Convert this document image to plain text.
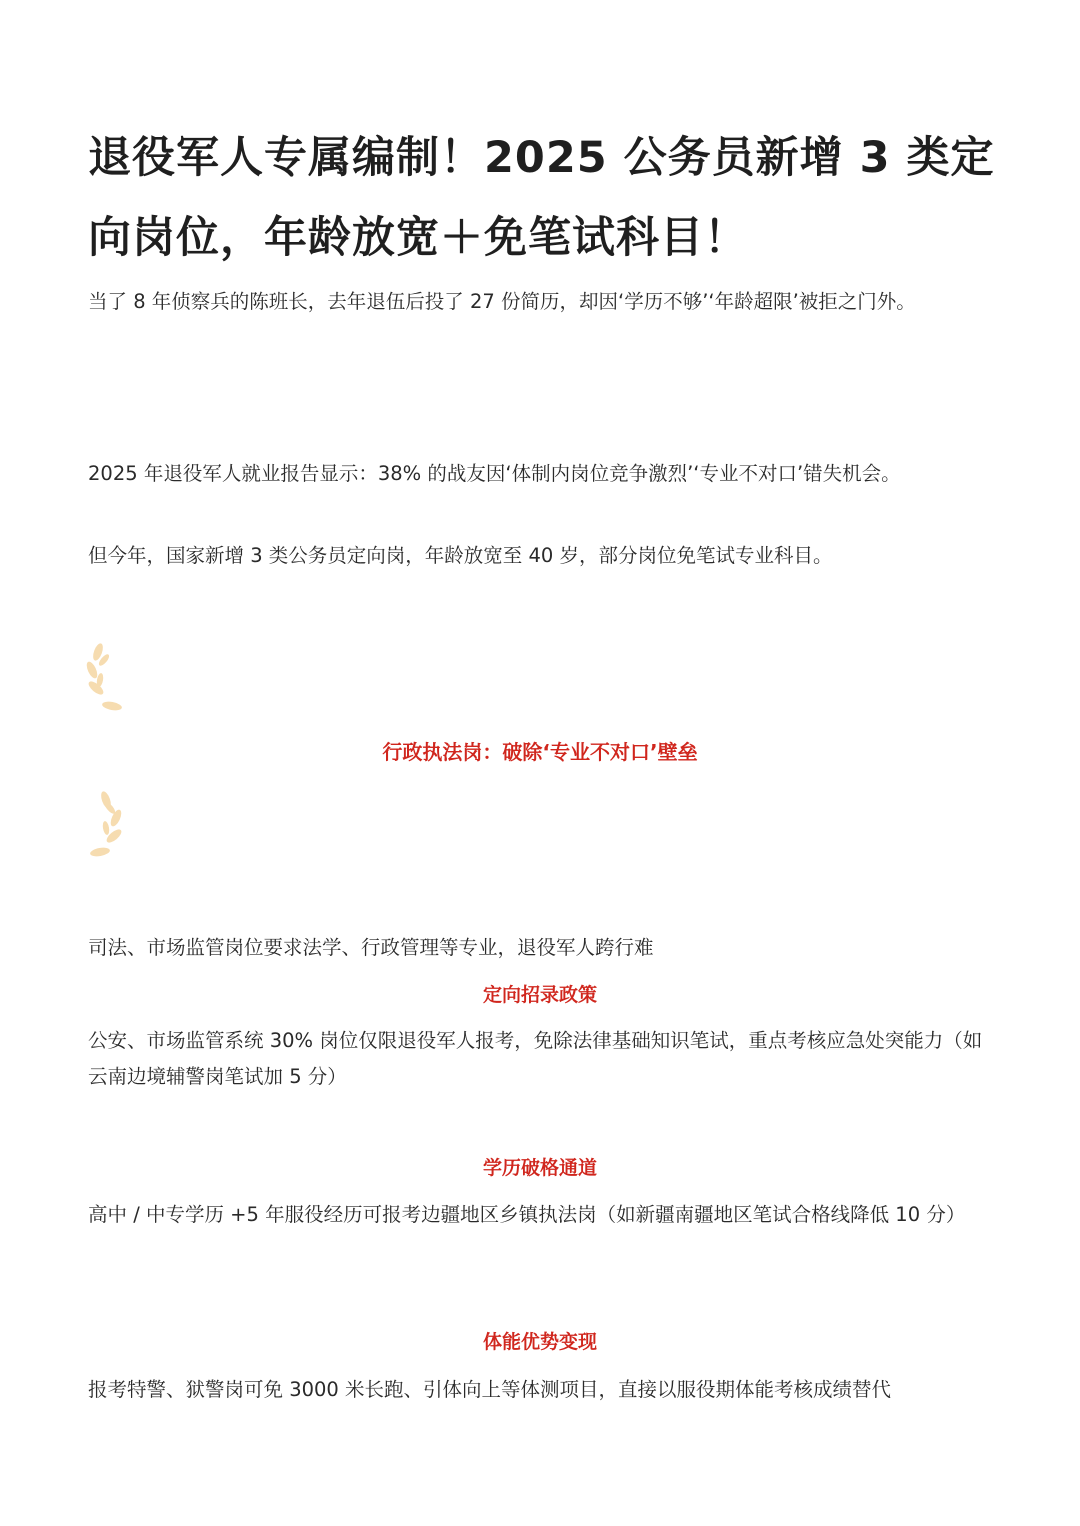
退役军人专属编制！2025 公务员新增 3 类定向岗位，年龄放宽＋免笔试科目！
当了 8 年侦察兵的陈班长，去年退伍后投了 27 份简历，却因‘学历不够’‘年龄超限’被拒之门外。
2025 年退役军人就业报告显示：38% 的战友因‘体制内岗位竞争激烈’‘专业不对口’错失机会。
但今年，国家新增 3 类公务员定向岗，年龄放宽至 40 岁，部分岗位免笔试专业科目。
行政执法岗：破除‘专业不对口’壁垒
司法、市场监管岗位要求法学、行政管理等专业，退役军人跨行难
定向招录政策
公安、市场监管系统 30% 岗位仅限退役军人报考，免除法律基础知识笔试，重点考核应急处突能力（如云南边境辅警岗笔试加 5 分）
学历破格通道
高中 / 中专学历 +5 年服役经历可报考边疆地区乡镇执法岗（如新疆南疆地区笔试合格线降低 10 分）
体能优势变现
报考特警、狱警岗可免 3000 米长跑、引体向上等体测项目，直接以服役期体能考核成绩替代
